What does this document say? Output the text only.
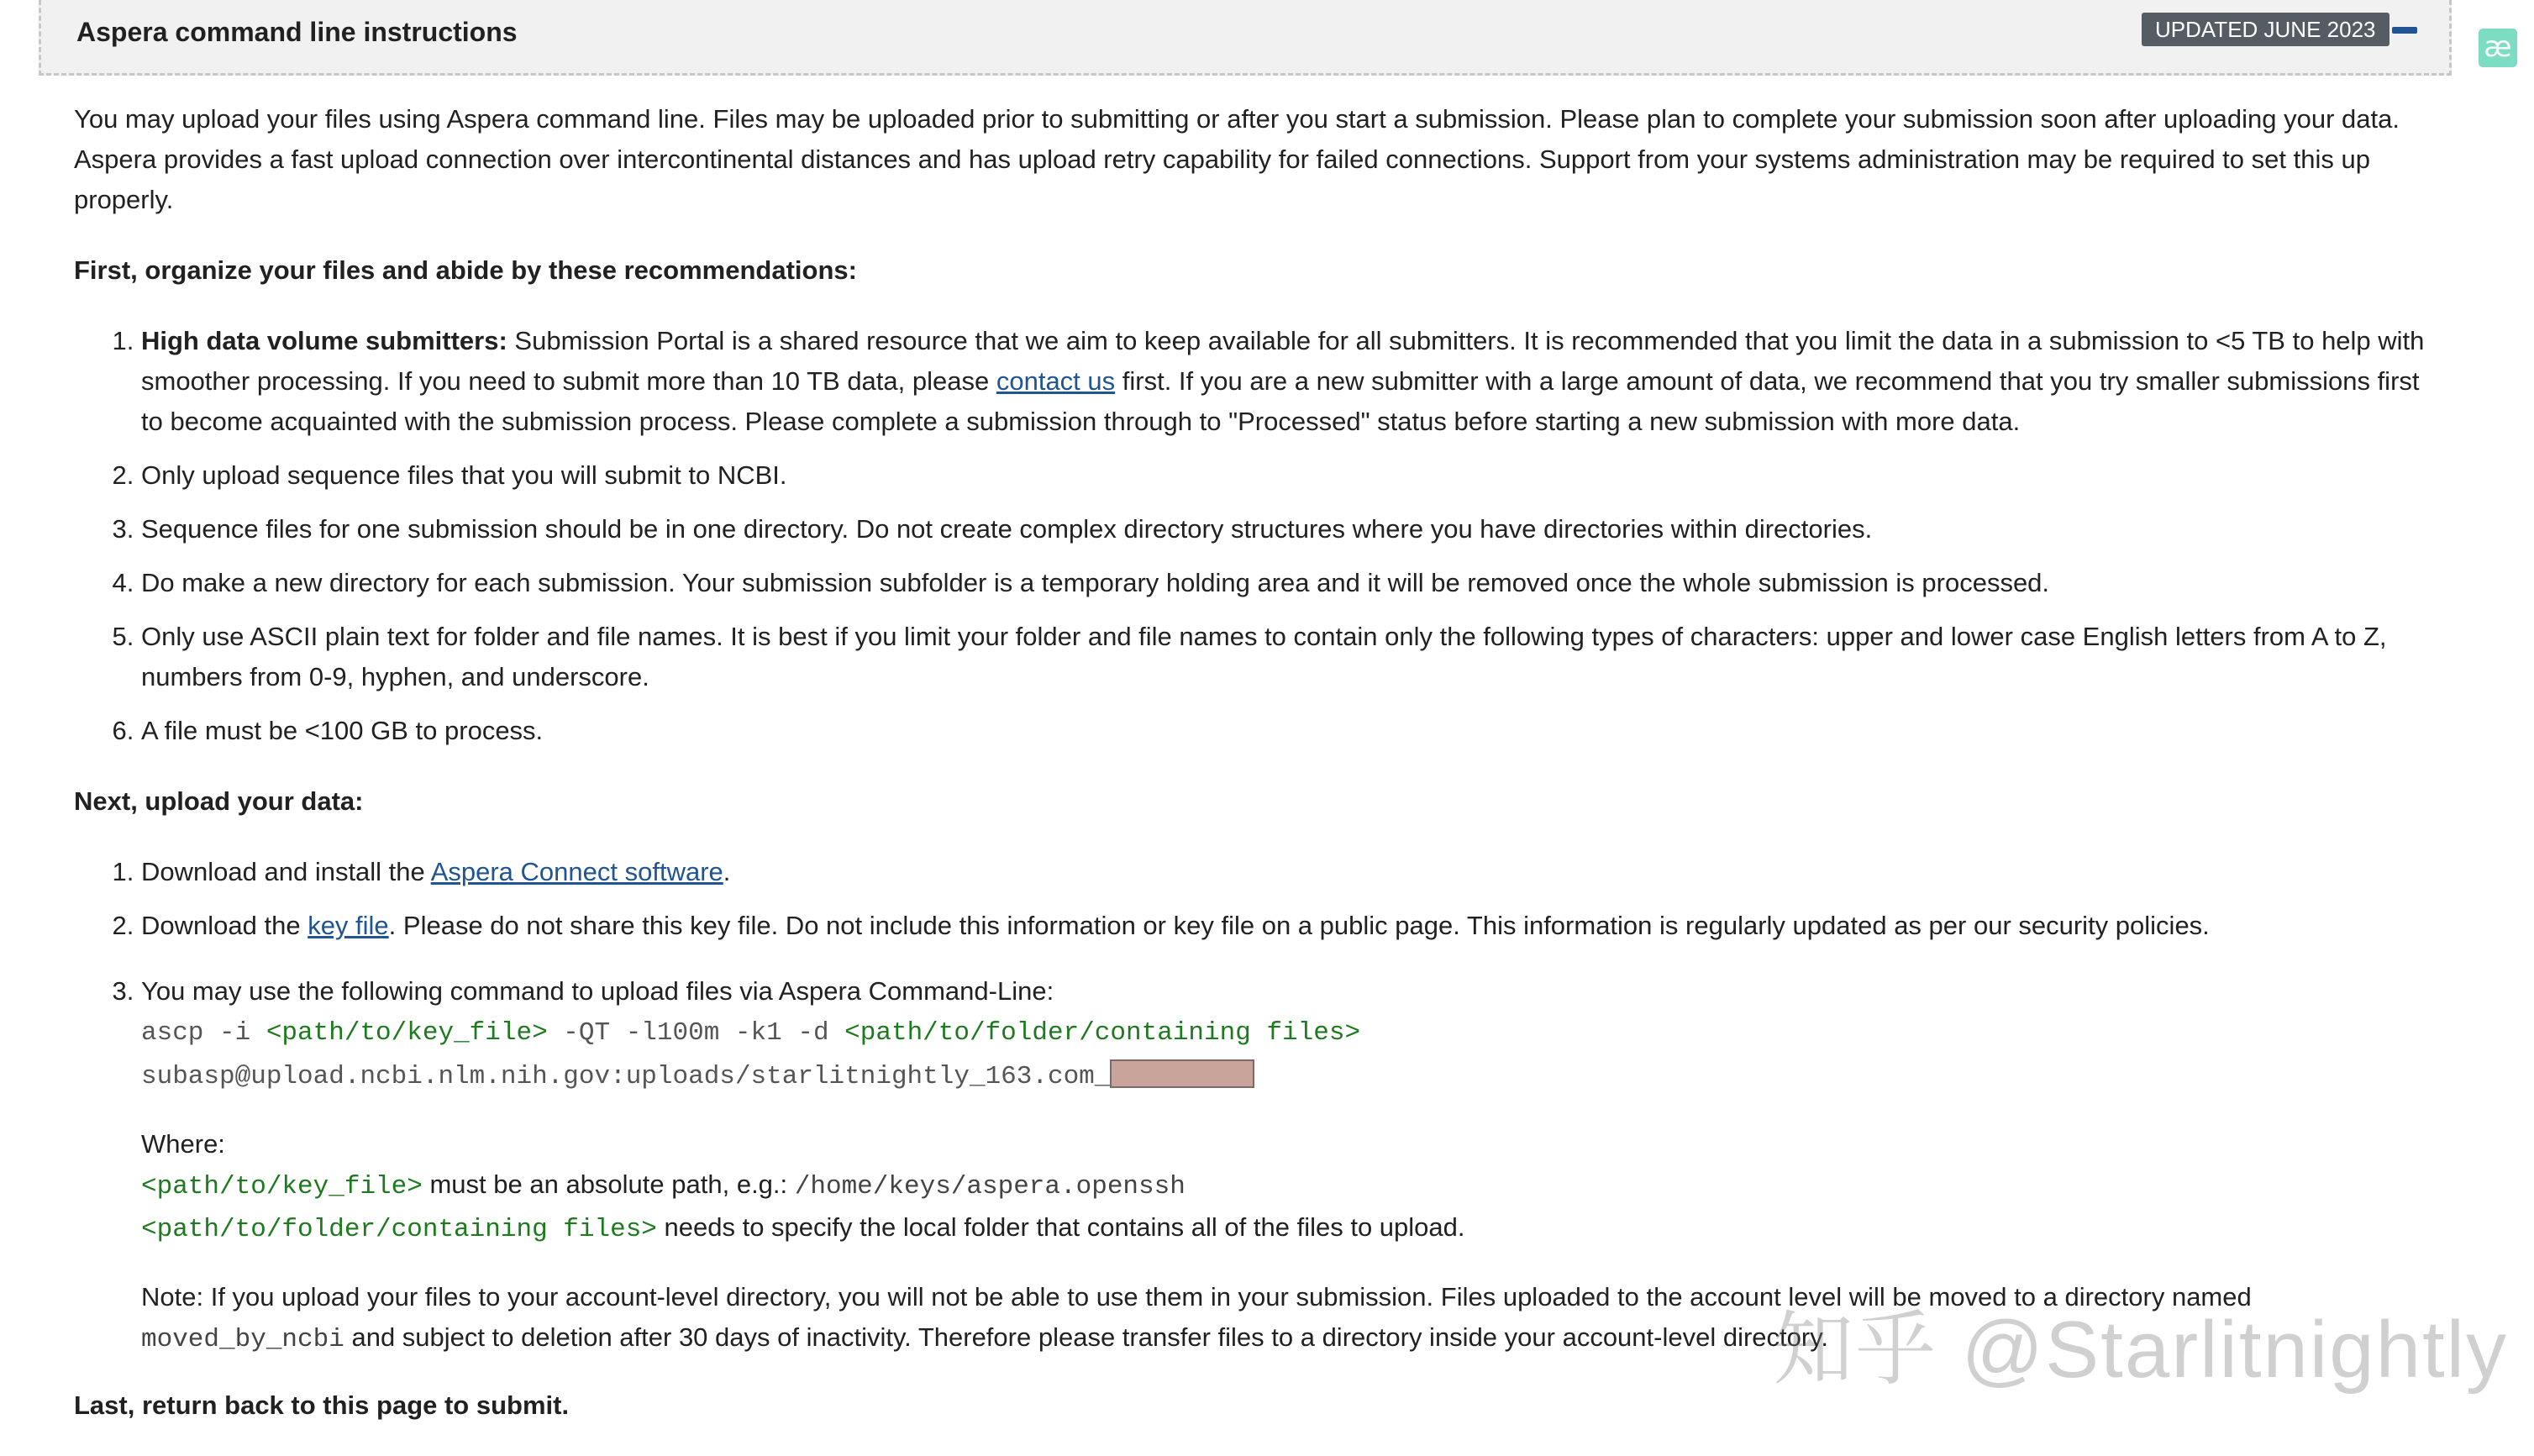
Aspera command line instructions	UPDATED JUNE 2023
æ

You may upload your files using Aspera command line. Files may be uploaded prior to submitting or after you start a submission. Please plan to complete your submission soon after uploading your data. Aspera provides a fast upload connection over intercontinental distances and has upload retry capability for failed connections. Support from your systems administration may be required to set this up properly.

First, organize your files and abide by these recommendations:

1. High data volume submitters: Submission Portal is a shared resource that we aim to keep available for all submitters. It is recommended that you limit the data in a submission to <5 TB to help with smoother processing. If you need to submit more than 10 TB data, please contact us first. If you are a new submitter with a large amount of data, we recommend that you try smaller submissions first to become acquainted with the submission process. Please complete a submission through to "Processed" status before starting a new submission with more data.
2. Only upload sequence files that you will submit to NCBI.
3. Sequence files for one submission should be in one directory. Do not create complex directory structures where you have directories within directories.
4. Do make a new directory for each submission. Your submission subfolder is a temporary holding area and it will be removed once the whole submission is processed.
5. Only use ASCII plain text for folder and file names. It is best if you limit your folder and file names to contain only the following types of characters: upper and lower case English letters from A to Z, numbers from 0-9, hyphen, and underscore.
6. A file must be <100 GB to process.

Next, upload your data:

1. Download and install the Aspera Connect software.
2. Download the key file. Please do not share this key file. Do not include this information or key file on a public page. This information is regularly updated as per our security policies.
3. You may use the following command to upload files via Aspera Command-Line:
ascp -i <path/to/key_file> -QT -l100m -k1 -d <path/to/folder/containing files>
subasp@upload.ncbi.nlm.nih.gov:uploads/starlitnightly_163.com_
Where:
<path/to/key_file> must be an absolute path, e.g.: /home/keys/aspera.openssh
<path/to/folder/containing files> needs to specify the local folder that contains all of the files to upload.
Note: If you upload your files to your account-level directory, you will not be able to use them in your submission. Files uploaded to the account level will be moved to a directory named
moved_by_ncbi and subject to deletion after 30 days of inactivity. Therefore please transfer files to a directory inside your account-level directory.

Last, return back to this page to submit.

知乎 @Starlitnightly
